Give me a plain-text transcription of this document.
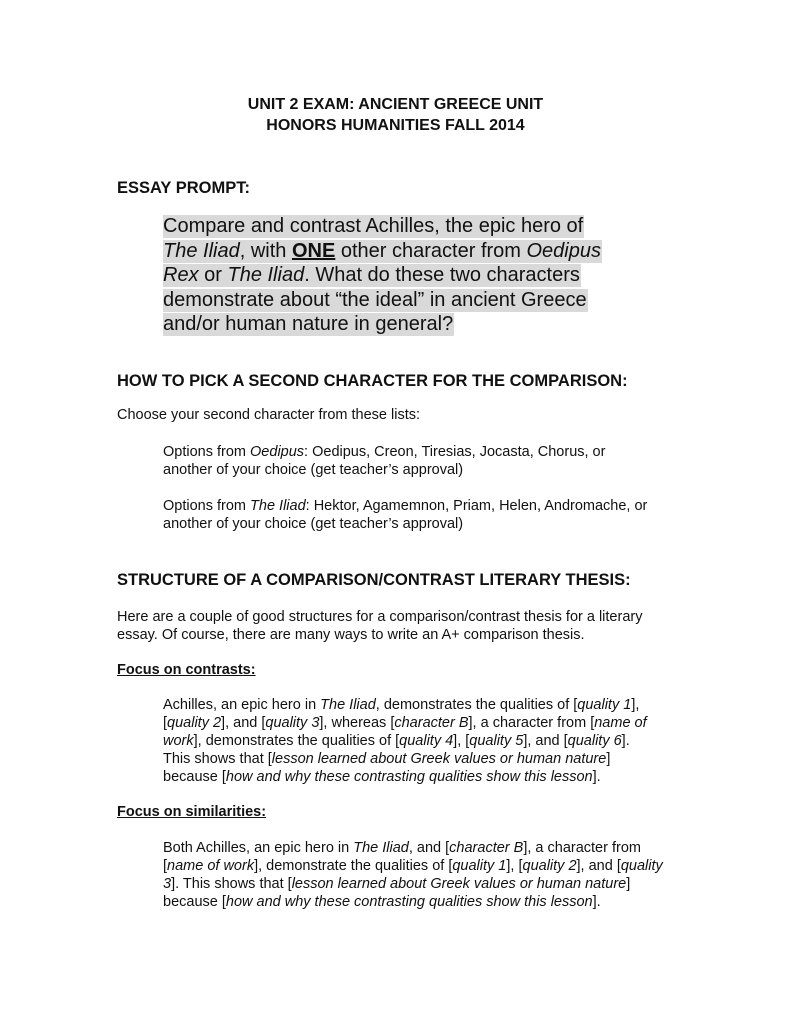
UNIT 2 EXAM: ANCIENT GREECE UNIT
HONORS HUMANITIES FALL 2014
ESSAY PROMPT:
Compare and contrast Achilles, the epic hero of
The Iliad, with ONE other character from Oedipus
Rex or The Iliad. What do these two characters
demonstrate about “the ideal” in ancient Greece
and/or human nature in general?
HOW TO PICK A SECOND CHARACTER FOR THE COMPARISON:
Choose your second character from these lists:
Options from Oedipus: Oedipus, Creon, Tiresias, Jocasta, Chorus, or
another of your choice (get teacher’s approval)
Options from The Iliad: Hektor, Agamemnon, Priam, Helen, Andromache, or
another of your choice (get teacher’s approval)
STRUCTURE OF A COMPARISON/CONTRAST LITERARY THESIS:
Here are a couple of good structures for a comparison/contrast thesis for a literary
essay. Of course, there are many ways to write an A+ comparison thesis.
Focus on contrasts:
Achilles, an epic hero in The Iliad, demonstrates the qualities of [quality 1],
[quality 2], and [quality 3], whereas [character B], a character from [name of
work], demonstrates the qualities of [quality 4], [quality 5], and [quality 6].
This shows that [lesson learned about Greek values or human nature]
because [how and why these contrasting qualities show this lesson].
Focus on similarities:
Both Achilles, an epic hero in The Iliad, and [character B], a character from
[name of work], demonstrate the qualities of [quality 1], [quality 2], and [quality
3]. This shows that [lesson learned about Greek values or human nature]
because [how and why these contrasting qualities show this lesson].
